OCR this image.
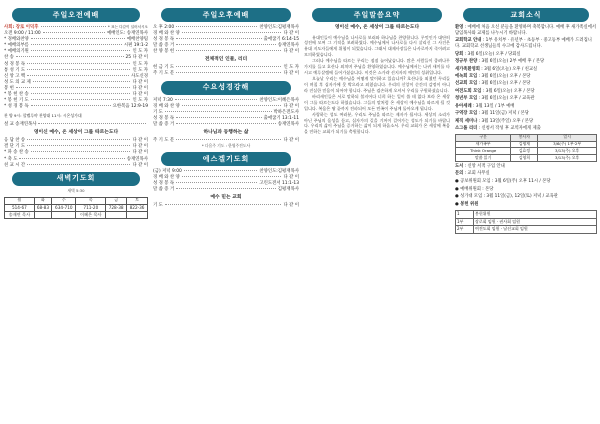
주일오전예배
사회: 장로 이덕후	* 표는 다같이 일어서시오
오전 9:00 / 11:00	예배인도: 송재연목사
* 경배와찬양	예배찬양팀
* 예배의부름	시편 19:1-2
* 예배의기원	인 도 자
찬 송	25 다 같 이
성 경 봉 독	인 도 자
통 성 기 도	인 도 자
신 앙 고 백	사도신경
성 도 의 교 제	다 같 이
봉 헌	다 같 이
* 봉 헌 찬 송	다 같 이
* 봉 헌 기 도	인 도 자
* 성 경 봉 독	요한복음 12:9-19
찬 양 9시: 할렐루야 찬양대 11시: 시온성가대
설 교 송재연목사
영이신 예수, 온 세상이 그를 따르는도다
응 답 찬 송	다 같 이
결 단 기 도	다 같 이
* 파 송 찬 송	다 같 이
* 축 도	송재연목사
친 교 시 간	다 같 이
새벽기도회
새벽 5:30
월	화	수	목	금	토
514-67	68-83	634-710	711-20	728-38	822-36
송재연 목사			이혜은 목사		
주일오후예배
오 후 2:00	찬양인도:김평재목사
경 배 와 찬 양	다 같 이
성 경 봉 독	출애굽기 6:14-15
말 씀 증 거	송재연목사
찬 양 봉 헌	다 같 이
전체적인 인물, 리더
헌 금 기 도	인 도 자
주 기 도 문	다 같 이
수요성경강해
저녁 7:30	찬양인도:이혜은목사
경 배 와 찬 양	다 같 이
기 도	박하은전도사
성 경 봉 독	출애굽기 13:1-11
말 씀 증 거	송재연목사
하나님과 동행하는 삶
주 기 도 문	다 같 이
* 다음주 기도 : 한영주전도사
에스겔기도회
(금) 저녁 9:00	찬양인도:김평재목사
경 배 와 찬 양	다 같 이
성 경 봉 독	고린도전서 11:1-13
말 씀 증 거	김평재목사
예수 믿는 교회
기 도	다 같 이
주일말씀요약
영이신 예수, 온 세상이 그를 따르는도다
유대인들이 예수님을 나사로를 보러와 하나님을 찬양합니다. 무엇인가 대단히 성전에 모여 그 기적을 보려하였다. 예수님께서 나사로를 다시 살리신 그 사건은 유대 지도자들에게 위협이 되었습니다. 그래서 대제사장들은 나사로까지 죽이려고 모의하였습니다.
그러나 예수님을 따르는 무리는 점점 늘어났습니다. 많은 사람들이 종려나무 가지를 들고 호산나 외치며 주님을 환영하였습니다. 예수님께서는 나귀 새끼를 타시고 예루살렘에 들어가셨습니다. 이것은 스가랴 선지자의 예언의 성취입니다.
오늘날 우리는 예수님을 어떻게 맞이하고 있습니까? 호산나를 외쳤던 무리들이 며칠 후 십자가에 못 박으라고 외쳤습니다. 우리의 신앙이 순간의 감정이 아니라 진실한 믿음이 되어야 합니다. 주님은 겸손하게 오셔서 우리를 구원하셨습니다.
바리새인들은 서로 말하되 볼지어다 너희 하는 일이 쓸 데 없다 보라 온 세상이 그를 따르는도다 하였습니다. 그들의 말처럼 온 세상이 예수님을 따르게 될 것입니다. 복음은 땅 끝까지 전파되어 모든 민족이 주님께 돌아오게 됩니다.
사랑하는 성도 여러분, 우리도 주님을 따르는 제자가 됩시다. 세상의 소리가 아닌 주님의 음성을 듣고, 십자가의 길을 기꺼이 걸어가는 성도가 되기를 바랍니다. 우리의 삶이 주님을 증거하는 삶이 되게 하옵소서. 우리 교회가 온 세상에 복음을 전하는 교회가 되기를 축원합니다.
교회소식
환영 : 예배에 처음 오신 분들을 환영하며 축복합니다. 예배 후 새가족실에서 담임목사와 교제를 나누시기 바랍니다.
교회학교 안내 : 1부 유치부 · 유년부 · 초등부 · 중고등부 예배가 드려집니다. 교회학교 선생님들의 수고에 감사드립니다.
당회 : 3월 6일(오늘) 오후 / 당회실
정규부 찬양 : 3월 6일(오늘) 2부 예배 후 / 본당
새가족환영회 : 3월 6일(오늘) 오후 / 친교실
에녹회 모임 : 3월 6일(오늘) 오후 / 본당
선교회 모임 : 3월 6일(오늘) 오후 / 본당
여전도회 모임 : 3월 6일(오늘) 오후 / 본당
청년부 모임 : 3월 6일(오늘) 오후 / 교육관
유아세례 : 3월 13일 / 1부 예배
구역장 모임 : 3월 11일(금) 저녁 / 본당
제직 세미나 : 3월 13일(주일) 오후 / 본당
소그룹 리더 : 신청서 작성 후 교역자에게 제출
구분	봉사자	일시
새가족부	김평재	3/6(주) 1부·2부
Think Orange	김효정	3/13(주) 오후
말씀 읽기	김영희	3/13(주) 오후
도서 : 신앙 서적 구입 안내
문의 : 교회 사무실
● 공보위원회 모임 : 3월 6일(주) 오후 11시 / 본당
● 예배위원회 : 본당
● 성가대 모임 : 3월 11일(금), 12일(토) 저녁 / 교육관
● 봉헌 위원
1	봉헌위원
1부	장로회 임원 · 권사회 임원
2부	여전도회 임원 · 남선교회 임원
